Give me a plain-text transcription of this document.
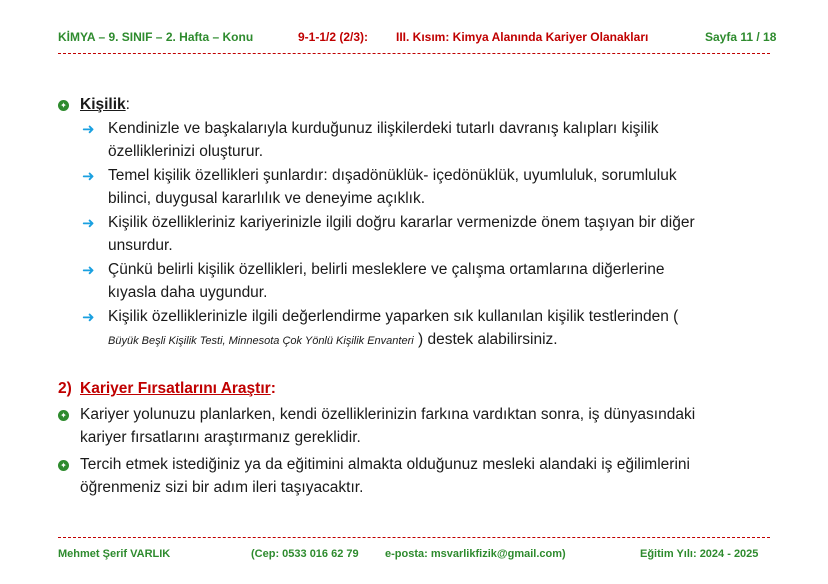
KİMYA – 9. SINIF – 2. Hafta – Konu	9-1-1/2 (2/3): III. Kısım: Kimya Alanında Kariyer Olanakları	Sayfa 11 / 18
✦ Kişilik:
➜ Kendinizle ve başkalarıyla kurduğunuz ilişkilerdeki tutarlı davranış kalıpları kişilik
özelliklerinizi oluşturur.
➜ Temel kişilik özellikleri şunlardır: dışadönüklük- içedönüklük, uyumluluk, sorumluluk
bilinci, duygusal kararlılık ve deneyime açıklık.
➜ Kişilik özellikleriniz kariyerinizle ilgili doğru kararlar vermenizde önem taşıyan bir diğer
unsurdur.
➜ Çünkü belirli kişilik özellikleri, belirli mesleklere ve çalışma ortamlarına diğerlerine
kıyasla daha uygundur.
➜ Kişilik özelliklerinizle ilgili değerlendirme yaparken sık kullanılan kişilik testlerinden (
Büyük Beşli Kişilik Testi, Minnesota Çok Yönlü Kişilik Envanteri ) destek alabilirsiniz.
2) Kariyer Fırsatlarını Araştır:
✦ Kariyer yolunuzu planlarken, kendi özelliklerinizin farkına vardıktan sonra, iş dünyasındaki
kariyer fırsatlarını araştırmanız gereklidir.
✦ Tercih etmek istediğiniz ya da eğitimini almakta olduğunuz mesleki alandaki iş eğilimlerini
öğrenmeniz sizi bir adım ileri taşıyacaktır.
Mehmet Şerif VARLIK	(Cep: 0533 016 62 79 e-posta: msvarlikfizik@gmail.com)	Eğitim Yılı: 2024 - 2025
